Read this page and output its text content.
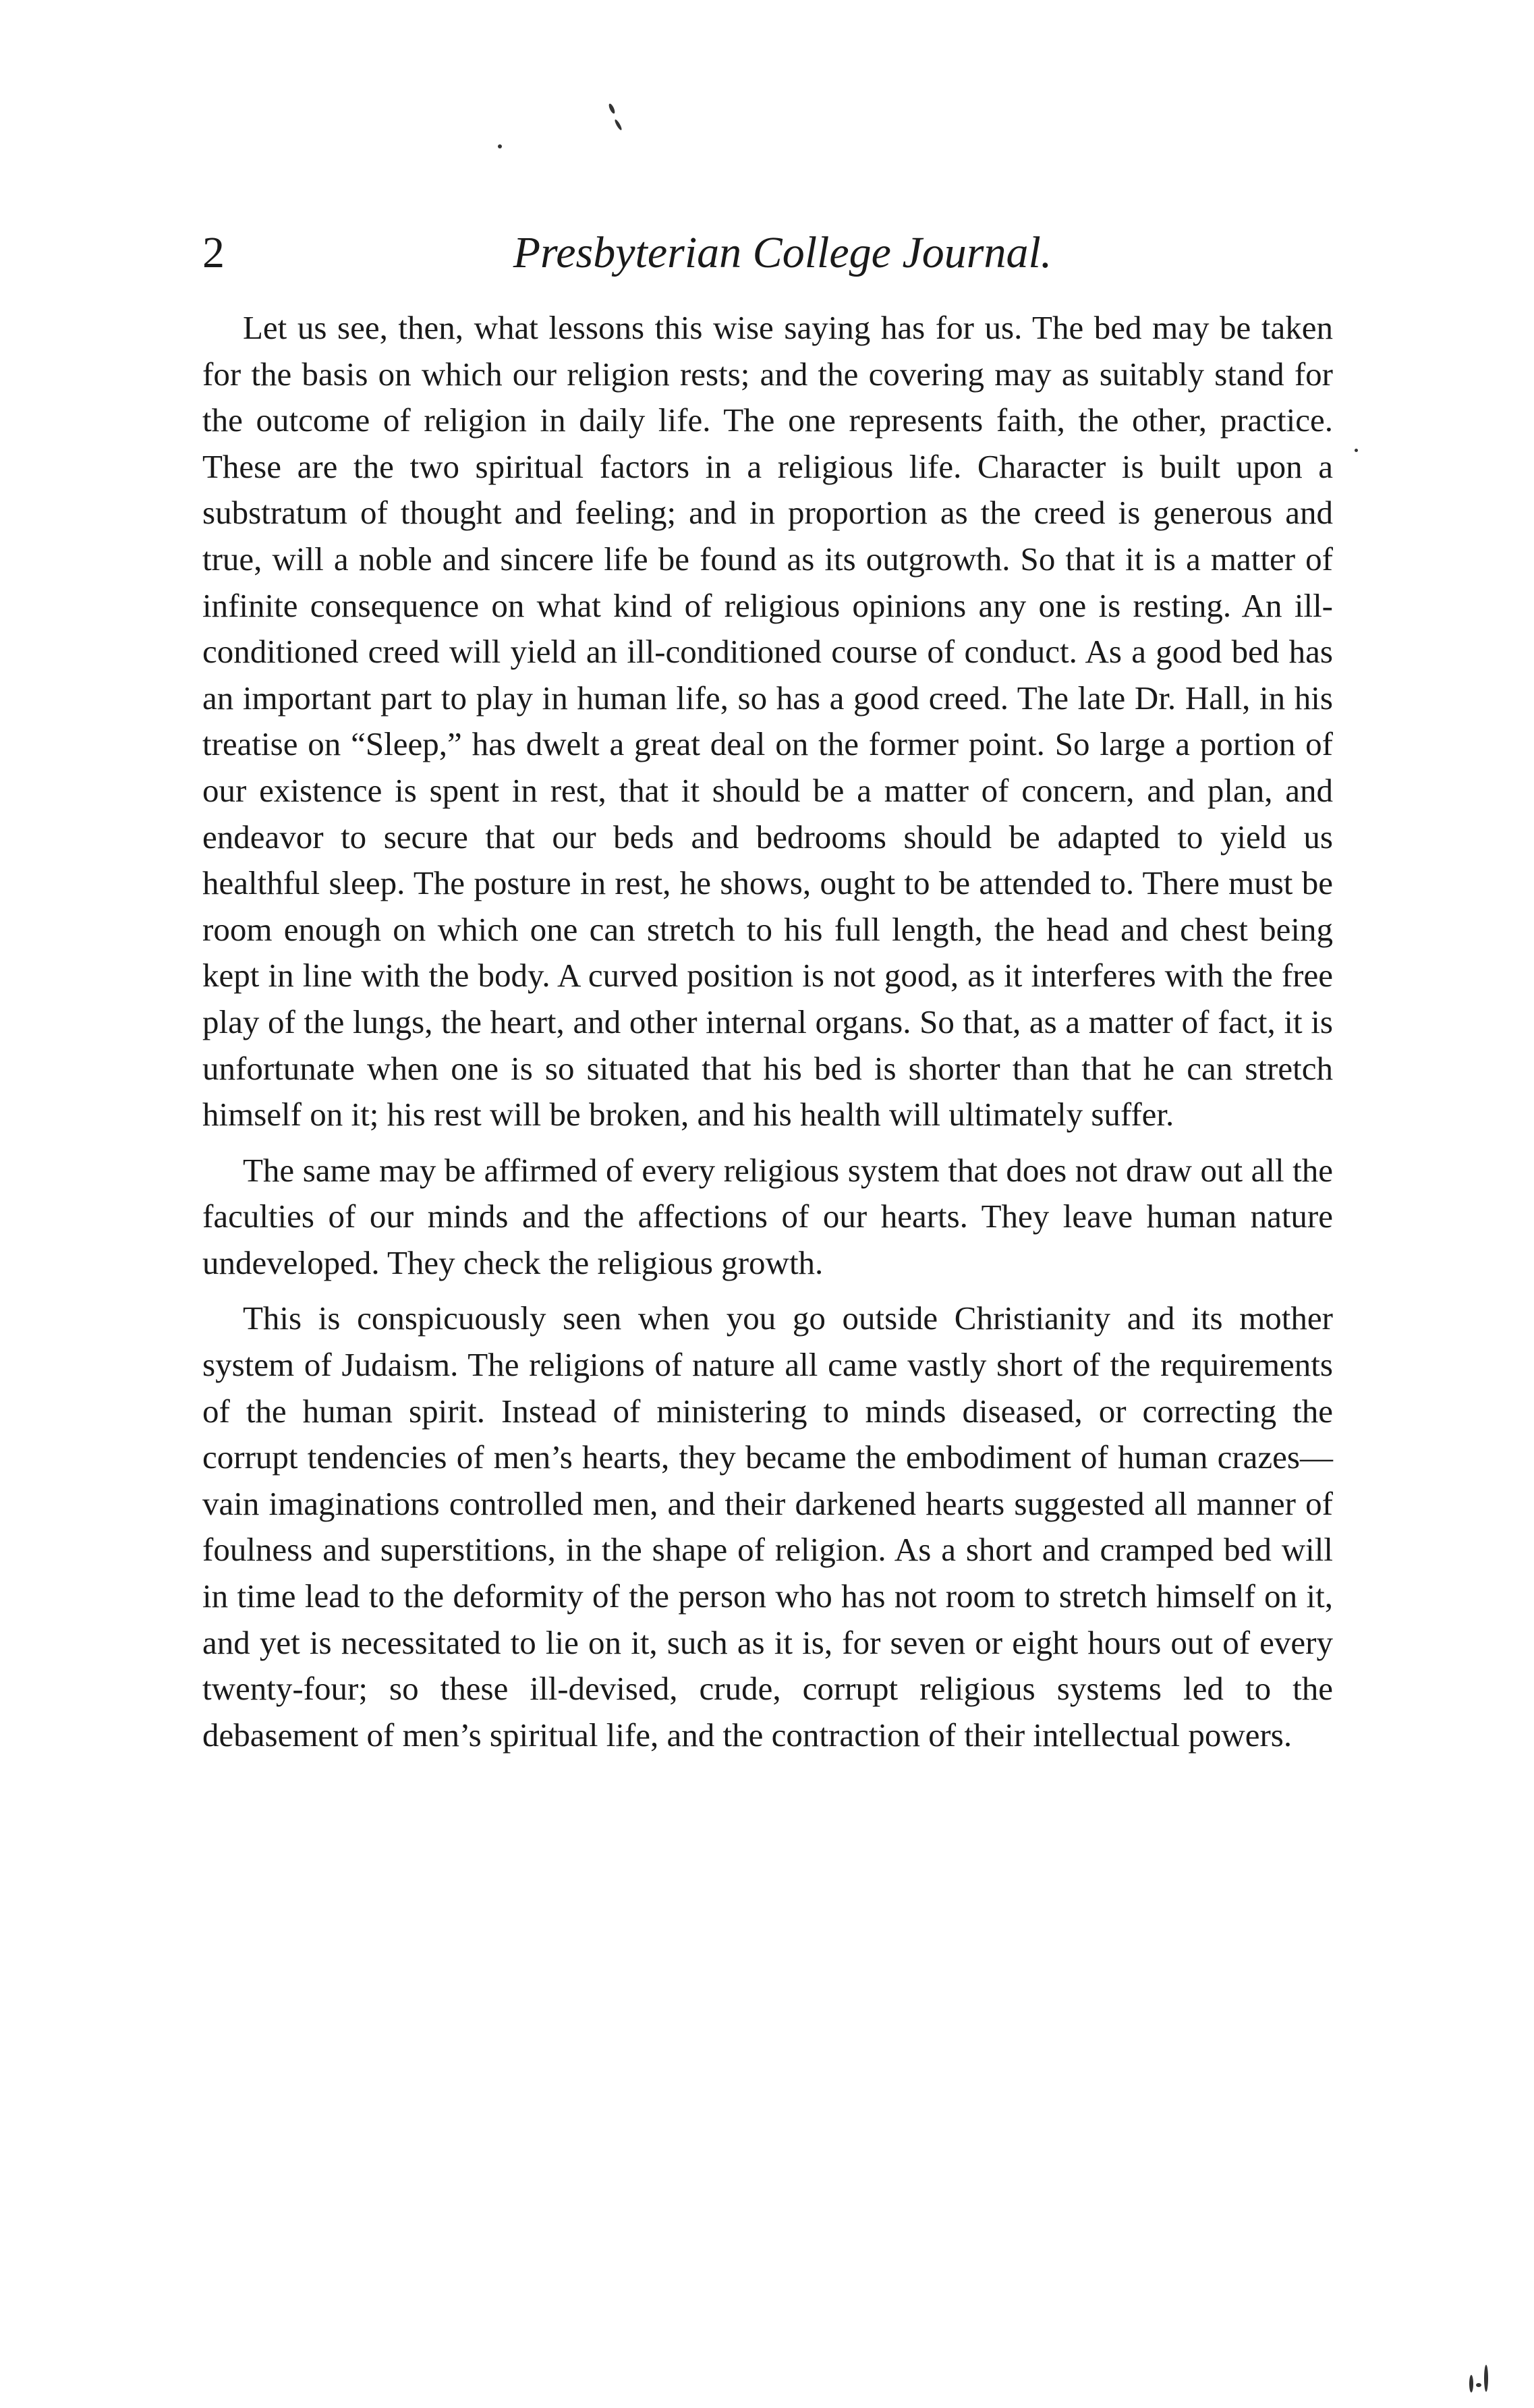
2	Presbyterian College Journal.

Let us see, then, what lessons this wise saying has for us. The bed may be taken for the basis on which our religion rests; and the covering may as suitably stand for the outcome of religion in daily life. The one represents faith, the other, practice. These are the two spiritual factors in a religious life. Character is built upon a substratum of thought and feeling; and in proportion as the creed is generous and true, will a noble and sincere life be found as its outgrowth. So that it is a matter of infinite consequence on what kind of religious opinions any one is resting. An ill-conditioned creed will yield an ill-conditioned course of conduct. As a good bed has an important part to play in human life, so has a good creed. The late Dr. Hall, in his treatise on “Sleep,” has dwelt a great deal on the former point. So large a portion of our existence is spent in rest, that it should be a matter of concern, and plan, and endeavor to secure that our beds and bedrooms should be adapted to yield us healthful sleep. The posture in rest, he shows, ought to be attended to. There must be room enough on which one can stretch to his full length, the head and chest being kept in line with the body. A curved position is not good, as it interferes with the free play of the lungs, the heart, and other internal organs. So that, as a matter of fact, it is unfortunate when one is so situated that his bed is shorter than that he can stretch himself on it; his rest will be broken, and his health will ultimately suffer.

The same may be affirmed of every religious system that does not draw out all the faculties of our minds and the affections of our hearts. They leave human nature undeveloped. They check the religious growth.

This is conspicuously seen when you go outside Christianity and its mother system of Judaism. The religions of nature all came vastly short of the requirements of the human spirit. Instead of ministering to minds diseased, or correcting the corrupt tendencies of men’s hearts, they became the embodiment of human crazes—vain imaginations controlled men, and their darkened hearts suggested all manner of foulness and superstitions, in the shape of religion. As a short and cramped bed will in time lead to the deformity of the person who has not room to stretch himself on it, and yet is necessitated to lie on it, such as it is, for seven or eight hours out of every twenty-four; so these ill-devised, crude, corrupt religious systems led to the debasement of men’s spiritual life, and the contraction of their intellectual powers.
